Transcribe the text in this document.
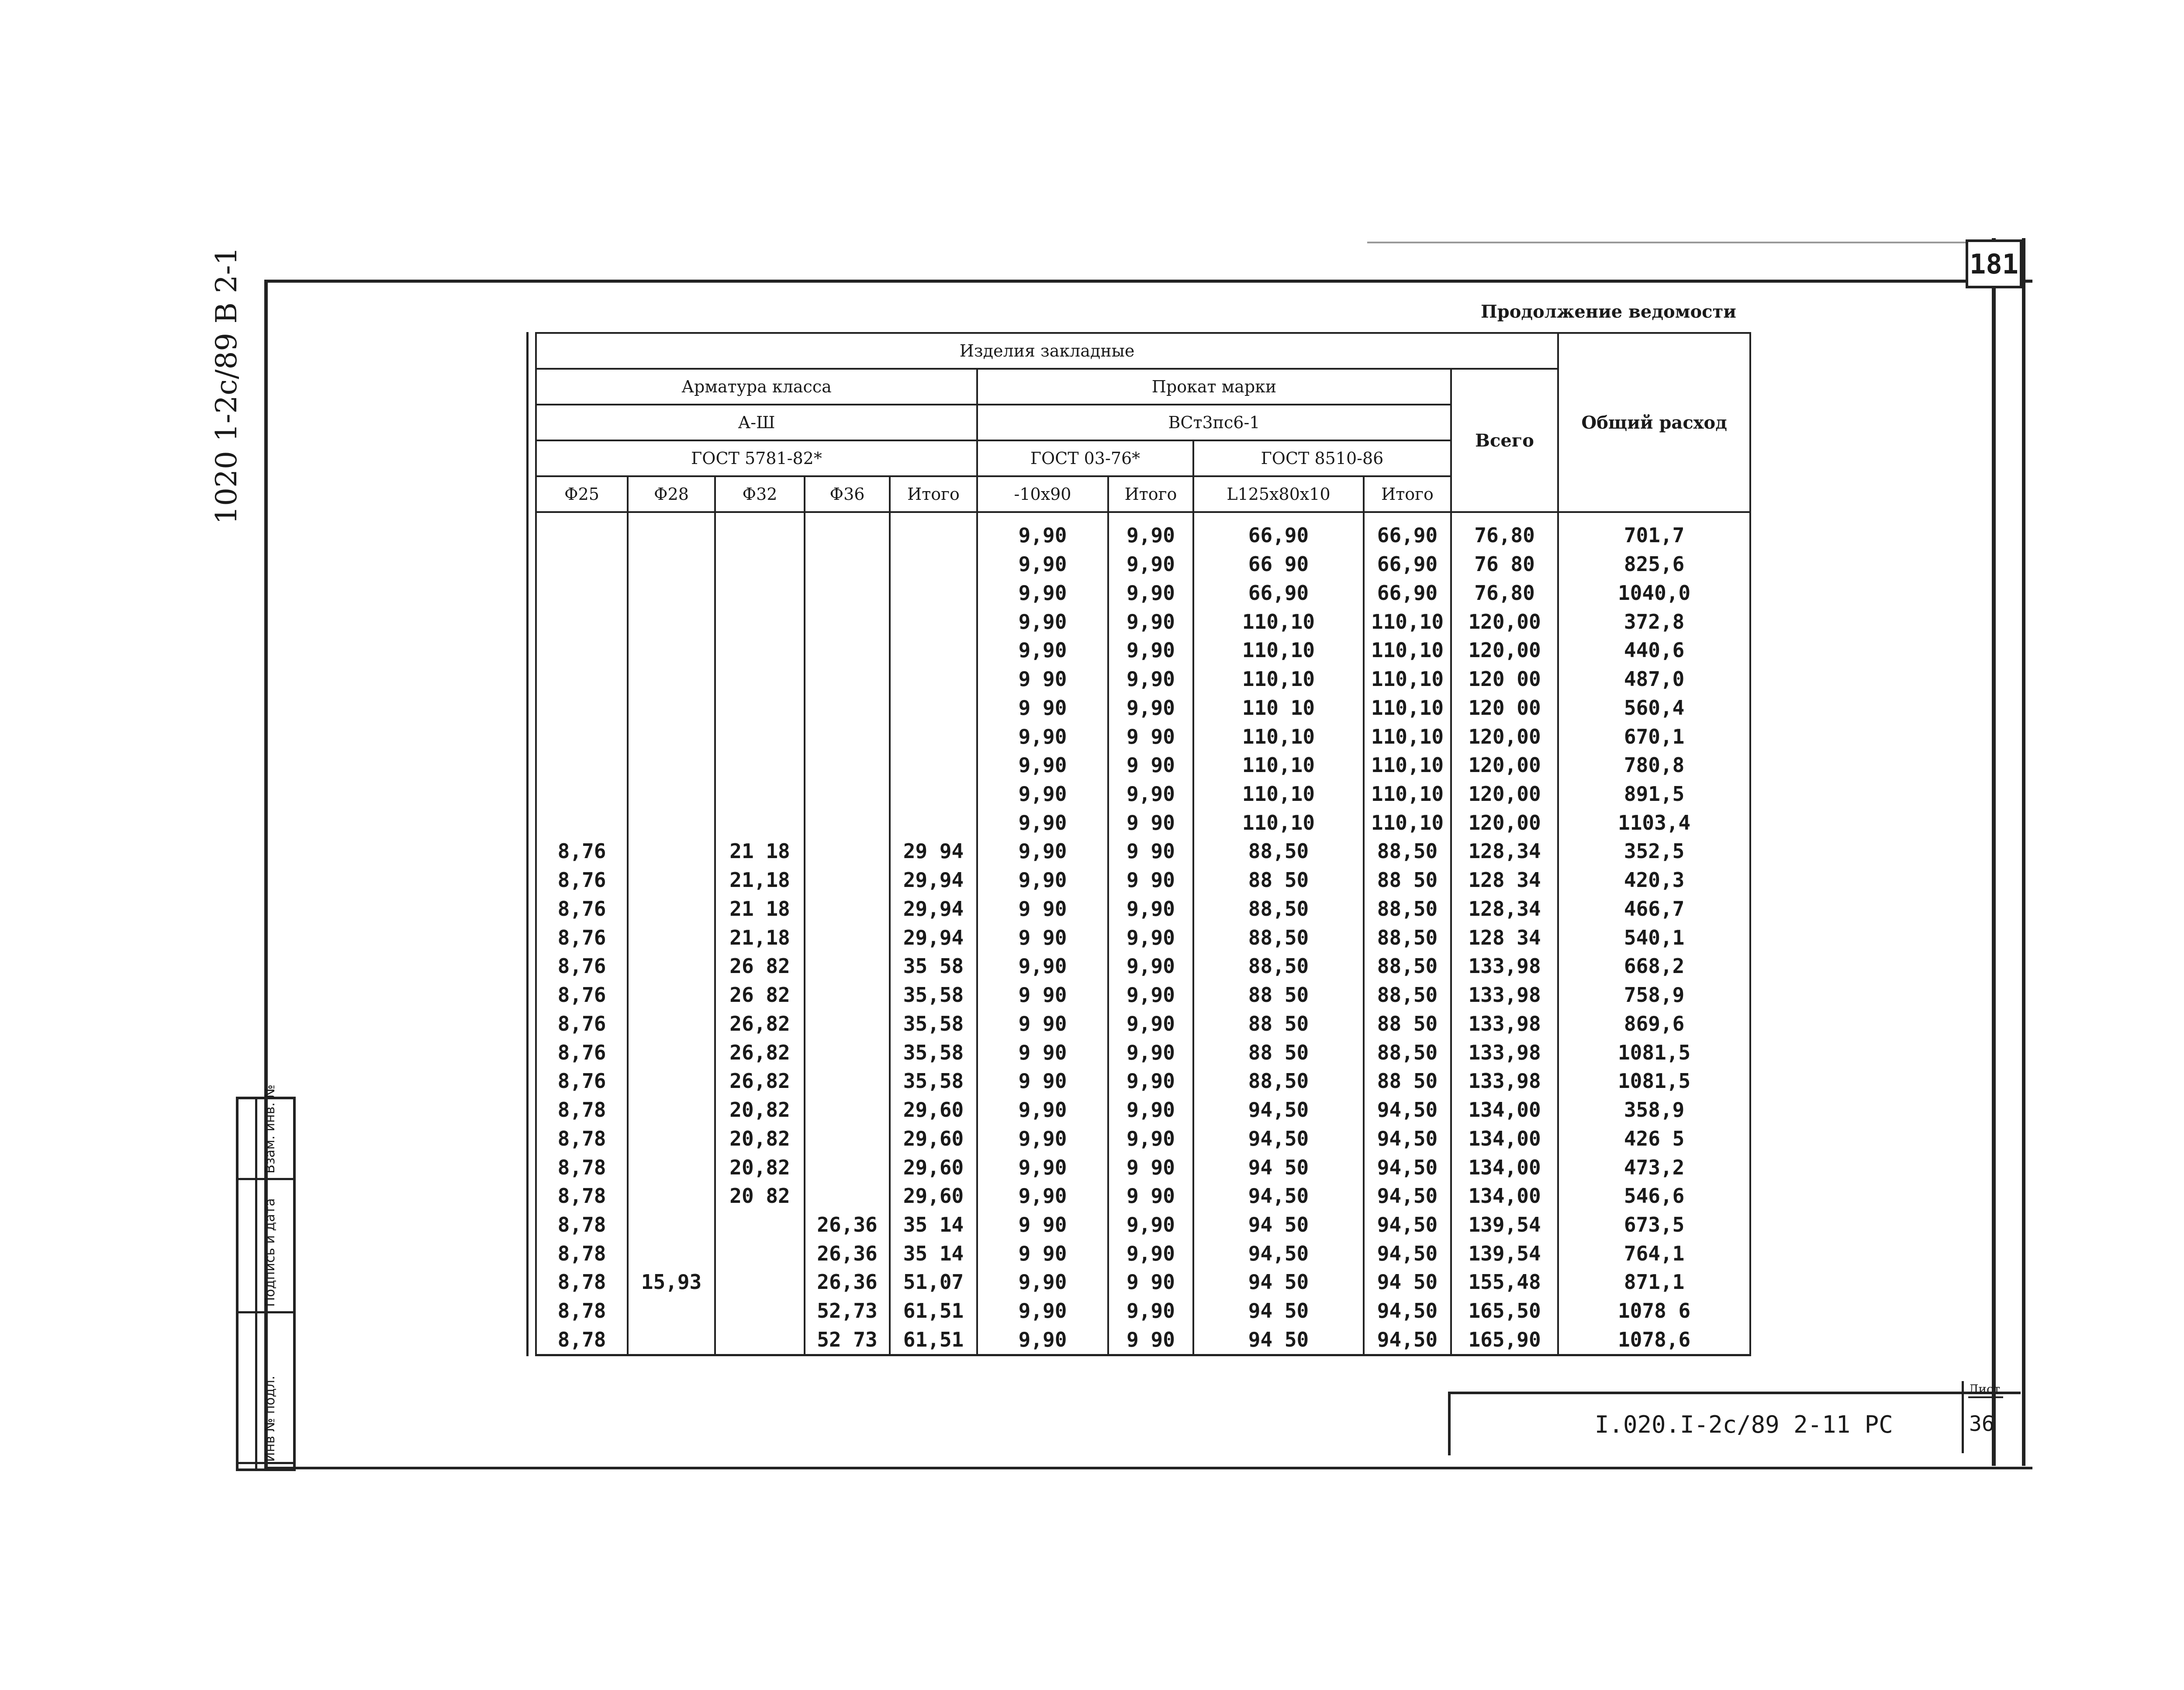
181
1020 1-2с/89 В 2-1
Инв № подл.
Подпись и дата
Взам. инв. №
Продолжение ведомости
Изделия закладные										Общий расход
Арматура класса					Прокат марки				Всего	
А-Ш					ВСт3пс6-1					
ГОСТ 5781-82*					ГОСТ 03-76*		ГОСТ 8510-86			
Ф25	Ф28	Ф32	Ф36	Итого	-10х90	Итого	L125х80х10	Итого		
					9,90	9,90	66,90	66,90	76,80	701,7
					9,90	9,90	66 90	66,90	76 80	825,6
					9,90	9,90	66,90	66,90	76,80	1040,0
					9,90	9,90	110,10	110,10	120,00	372,8
					9,90	9,90	110,10	110,10	120,00	440,6
					9 90	9,90	110,10	110,10	120 00	487,0
					9 90	9,90	110 10	110,10	120 00	560,4
					9,90	9 90	110,10	110,10	120,00	670,1
					9,90	9 90	110,10	110,10	120,00	780,8
					9,90	9,90	110,10	110,10	120,00	891,5
					9,90	9 90	110,10	110,10	120,00	1103,4
8,76		21 18		29 94	9,90	9 90	88,50	88,50	128,34	352,5
8,76		21,18		29,94	9,90	9 90	88 50	88 50	128 34	420,3
8,76		21 18		29,94	9 90	9,90	88,50	88,50	128,34	466,7
8,76		21,18		29,94	9 90	9,90	88,50	88,50	128 34	540,1
8,76		26 82		35 58	9,90	9,90	88,50	88,50	133,98	668,2
8,76		26 82		35,58	9 90	9,90	88 50	88,50	133,98	758,9
8,76		26,82		35,58	9 90	9,90	88 50	88 50	133,98	869,6
8,76		26,82		35,58	9 90	9,90	88 50	88,50	133,98	1081,5
8,76		26,82		35,58	9 90	9,90	88,50	88 50	133,98	1081,5
8,78		20,82		29,60	9,90	9,90	94,50	94,50	134,00	358,9
8,78		20,82		29,60	9,90	9,90	94,50	94,50	134,00	426 5
8,78		20,82		29,60	9,90	9 90	94 50	94,50	134,00	473,2
8,78		20 82		29,60	9,90	9 90	94,50	94,50	134,00	546,6
8,78			26,36	35 14	9 90	9,90	94 50	94,50	139,54	673,5
8,78			26,36	35 14	9 90	9,90	94,50	94,50	139,54	764,1
8,78	15,93		26,36	51,07	9,90	9 90	94 50	94 50	155,48	871,1
8,78			52,73	61,51	9,90	9,90	94 50	94,50	165,50	1078 6
8,78			52 73	61,51	9,90	9 90	94 50	94,50	165,90	1078,6
I.020.I-2с/89 2-11 РС
Лист
36
